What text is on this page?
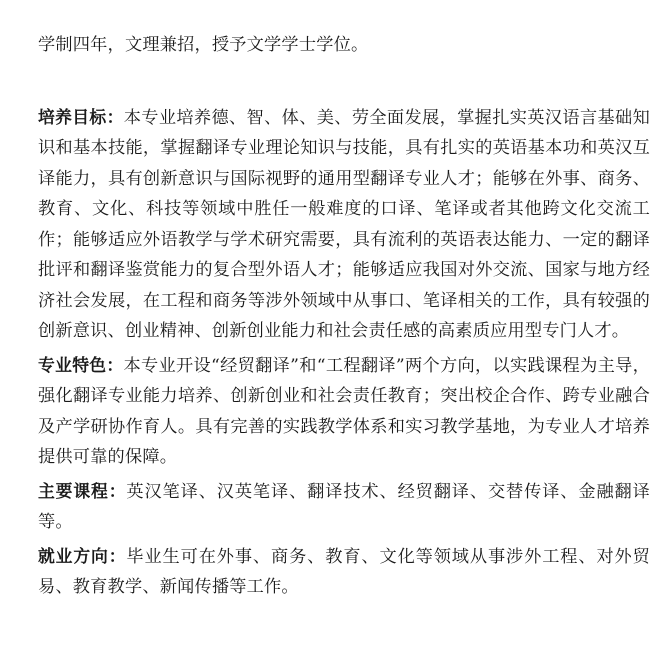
学制四年，文理兼招，授予文学学士学位。

培养目标：本专业培养德、智、体、美、劳全面发展，掌握扎实英汉语言基础知识和基本技能，掌握翻译专业理论知识与技能，具有扎实的英语基本功和英汉互译能力，具有创新意识与国际视野的通用型翻译专业人才；能够在外事、商务、教育、文化、科技等领域中胜任一般难度的口译、笔译或者其他跨文化交流工作；能够适应外语教学与学术研究需要，具有流利的英语表达能力、一定的翻译批评和翻译鉴赏能力的复合型外语人才；能够适应我国对外交流、国家与地方经济社会发展，在工程和商务等涉外领域中从事口、笔译相关的工作，具有较强的创新意识、创业精神、创新创业能力和社会责任感的高素质应用型专门人才。

专业特色：本专业开设“经贸翻译”和“工程翻译”两个方向，以实践课程为主导，强化翻译专业能力培养、创新创业和社会责任教育；突出校企合作、跨专业融合及产学研协作育人。具有完善的实践教学体系和实习教学基地，为专业人才培养提供可靠的保障。

主要课程：英汉笔译、汉英笔译、翻译技术、经贸翻译、交替传译、金融翻译等。

就业方向：毕业生可在外事、商务、教育、文化等领域从事涉外工程、对外贸易、教育教学、新闻传播等工作。
